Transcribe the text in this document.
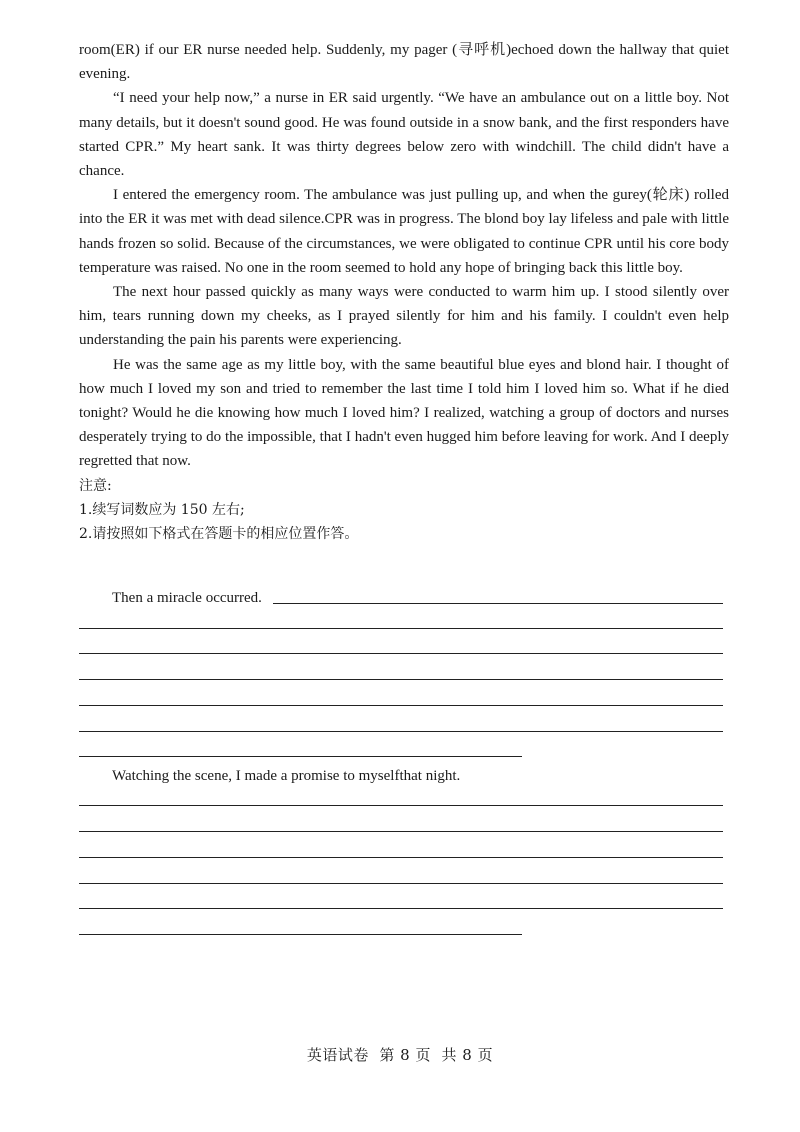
room(ER) if our ER nurse needed help. Suddenly, my pager (寻呼机)echoed down the hallway that quiet evening.

“I need your help now,” a nurse in ER said urgently. “We have an ambulance out on a little boy. Not many details, but it doesn't sound good. He was found outside in a snow bank, and the first responders have started CPR.” My heart sank. It was thirty degrees below zero with windchill. The child didn't have a chance.

I entered the emergency room. The ambulance was just pulling up, and when the gurey(轮床) rolled into the ER it was met with dead silence.CPR was in progress. The blond boy lay lifeless and pale with little hands frozen so solid. Because of the circumstances, we were obligated to continue CPR until his core body temperature was raised. No one in the room seemed to hold any hope of bringing back this little boy.

The next hour passed quickly as many ways were conducted to warm him up. I stood silently over him, tears running down my cheeks, as I prayed silently for him and his family. I couldn't even help understanding the pain his parents were experiencing.

He was the same age as my little boy, with the same beautiful blue eyes and blond hair. I thought of how much I loved my son and tried to remember the last time I told him I loved him so. What if he died tonight? Would he die knowing how much I loved him? I realized, watching a group of doctors and nurses desperately trying to do the impossible, that I hadn't even hugged him before leaving for work. And I deeply regretted that now.

注意:

1.续写词数应为 150 左右;

2.请按照如下格式在答题卡的相应位置作答。

Then a miracle occurred.
Watching the scene, I made a promise to myselfthat night.
英语试卷  第 8 页  共 8 页
